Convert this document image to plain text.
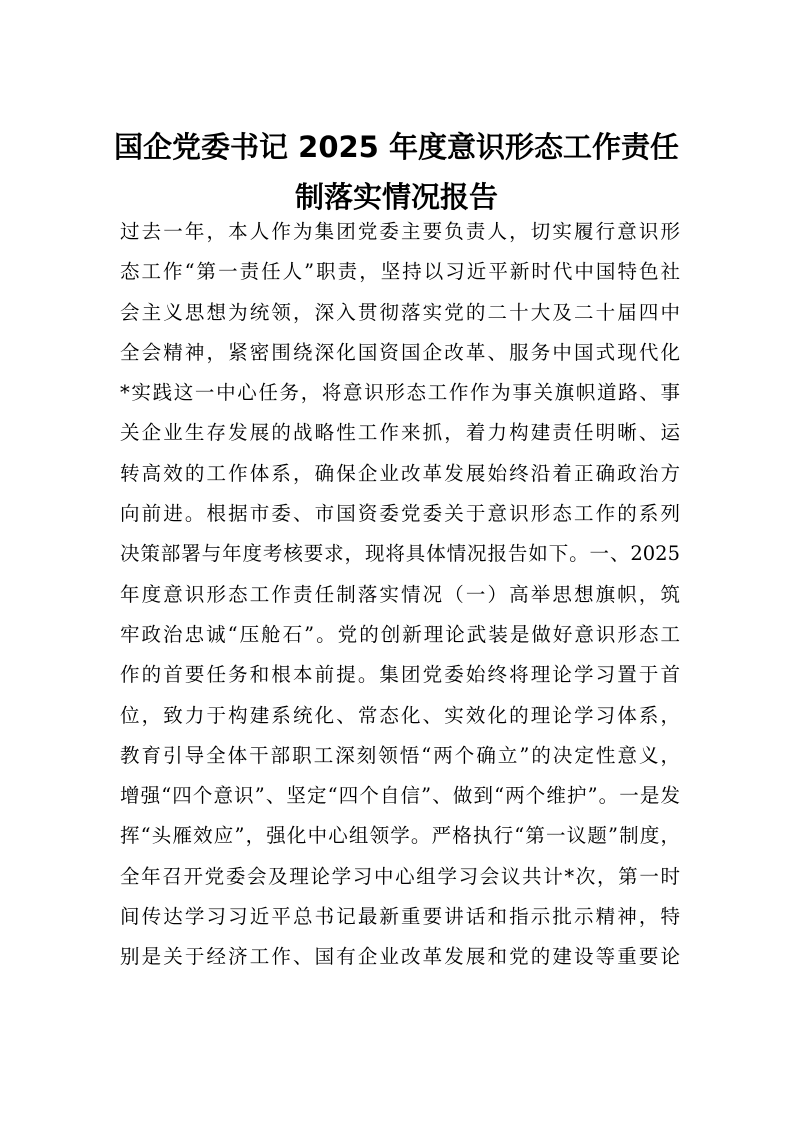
国企党委书记 2025 年度意识形态工作责任
制落实情况报告
过去一年，本人作为集团党委主要负责人，切实履行意识形
态工作“第一责任人”职责，坚持以习近平新时代中国特色社
会主义思想为统领，深入贯彻落实党的二十大及二十届四中
全会精神，紧密围绕深化国资国企改革、服务中国式现代化
*实践这一中心任务，将意识形态工作作为事关旗帜道路、事
关企业生存发展的战略性工作来抓，着力构建责任明晰、运
转高效的工作体系，确保企业改革发展始终沿着正确政治方
向前进。根据市委、市国资委党委关于意识形态工作的系列
决策部署与年度考核要求，现将具体情况报告如下。一、2025
年度意识形态工作责任制落实情况（一）高举思想旗帜，筑
牢政治忠诚“压舱石”。党的创新理论武装是做好意识形态工
作的首要任务和根本前提。集团党委始终将理论学习置于首
位，致力于构建系统化、常态化、实效化的理论学习体系，
教育引导全体干部职工深刻领悟“两个确立”的决定性意义，
增强“四个意识”、坚定“四个自信”、做到“两个维护”。一是发
挥“头雁效应”，强化中心组领学。严格执行“第一议题”制度，
全年召开党委会及理论学习中心组学习会议共计*次，第一时
间传达学习习近平总书记最新重要讲话和指示批示精神，特
别是关于经济工作、国有企业改革发展和党的建设等重要论
